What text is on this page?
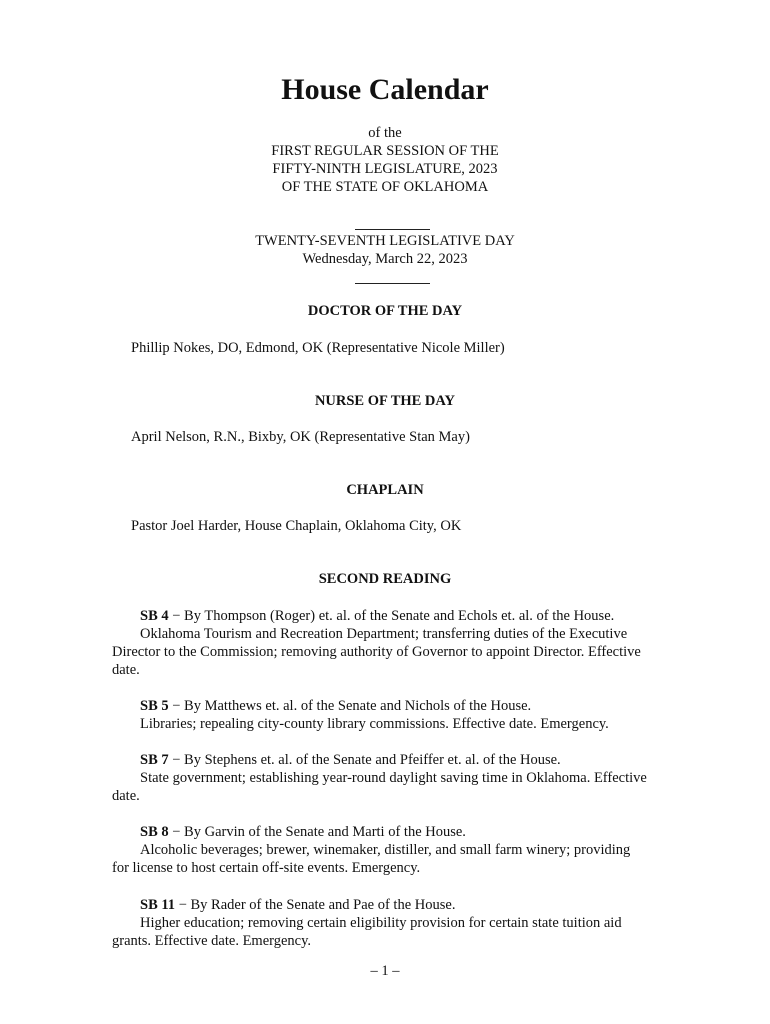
House Calendar
of the
FIRST REGULAR SESSION OF THE
FIFTY-NINTH LEGISLATURE, 2023
OF THE STATE OF OKLAHOMA
TWENTY-SEVENTH LEGISLATIVE DAY
Wednesday, March 22, 2023
DOCTOR OF THE DAY
Phillip Nokes, DO, Edmond, OK (Representative Nicole Miller)
NURSE OF THE DAY
April Nelson, R.N., Bixby, OK (Representative Stan May)
CHAPLAIN
Pastor Joel Harder, House Chaplain, Oklahoma City, OK
SECOND READING
SB 4 − By Thompson (Roger) et. al. of the Senate and Echols et. al. of the House.
Oklahoma Tourism and Recreation Department; transferring duties of the Executive
Director to the Commission; removing authority of Governor to appoint Director. Effective
date.
SB 5 − By Matthews et. al. of the Senate and Nichols of the House.
Libraries; repealing city-county library commissions. Effective date. Emergency.
SB 7 − By Stephens et. al. of the Senate and Pfeiffer et. al. of the House.
State government; establishing year-round daylight saving time in Oklahoma. Effective
date.
SB 8 − By Garvin of the Senate and Marti of the House.
Alcoholic beverages; brewer, winemaker, distiller, and small farm winery; providing
for license to host certain off-site events. Emergency.
SB 11 − By Rader of the Senate and Pae of the House.
Higher education; removing certain eligibility provision for certain state tuition aid
grants. Effective date. Emergency.
– 1 –
